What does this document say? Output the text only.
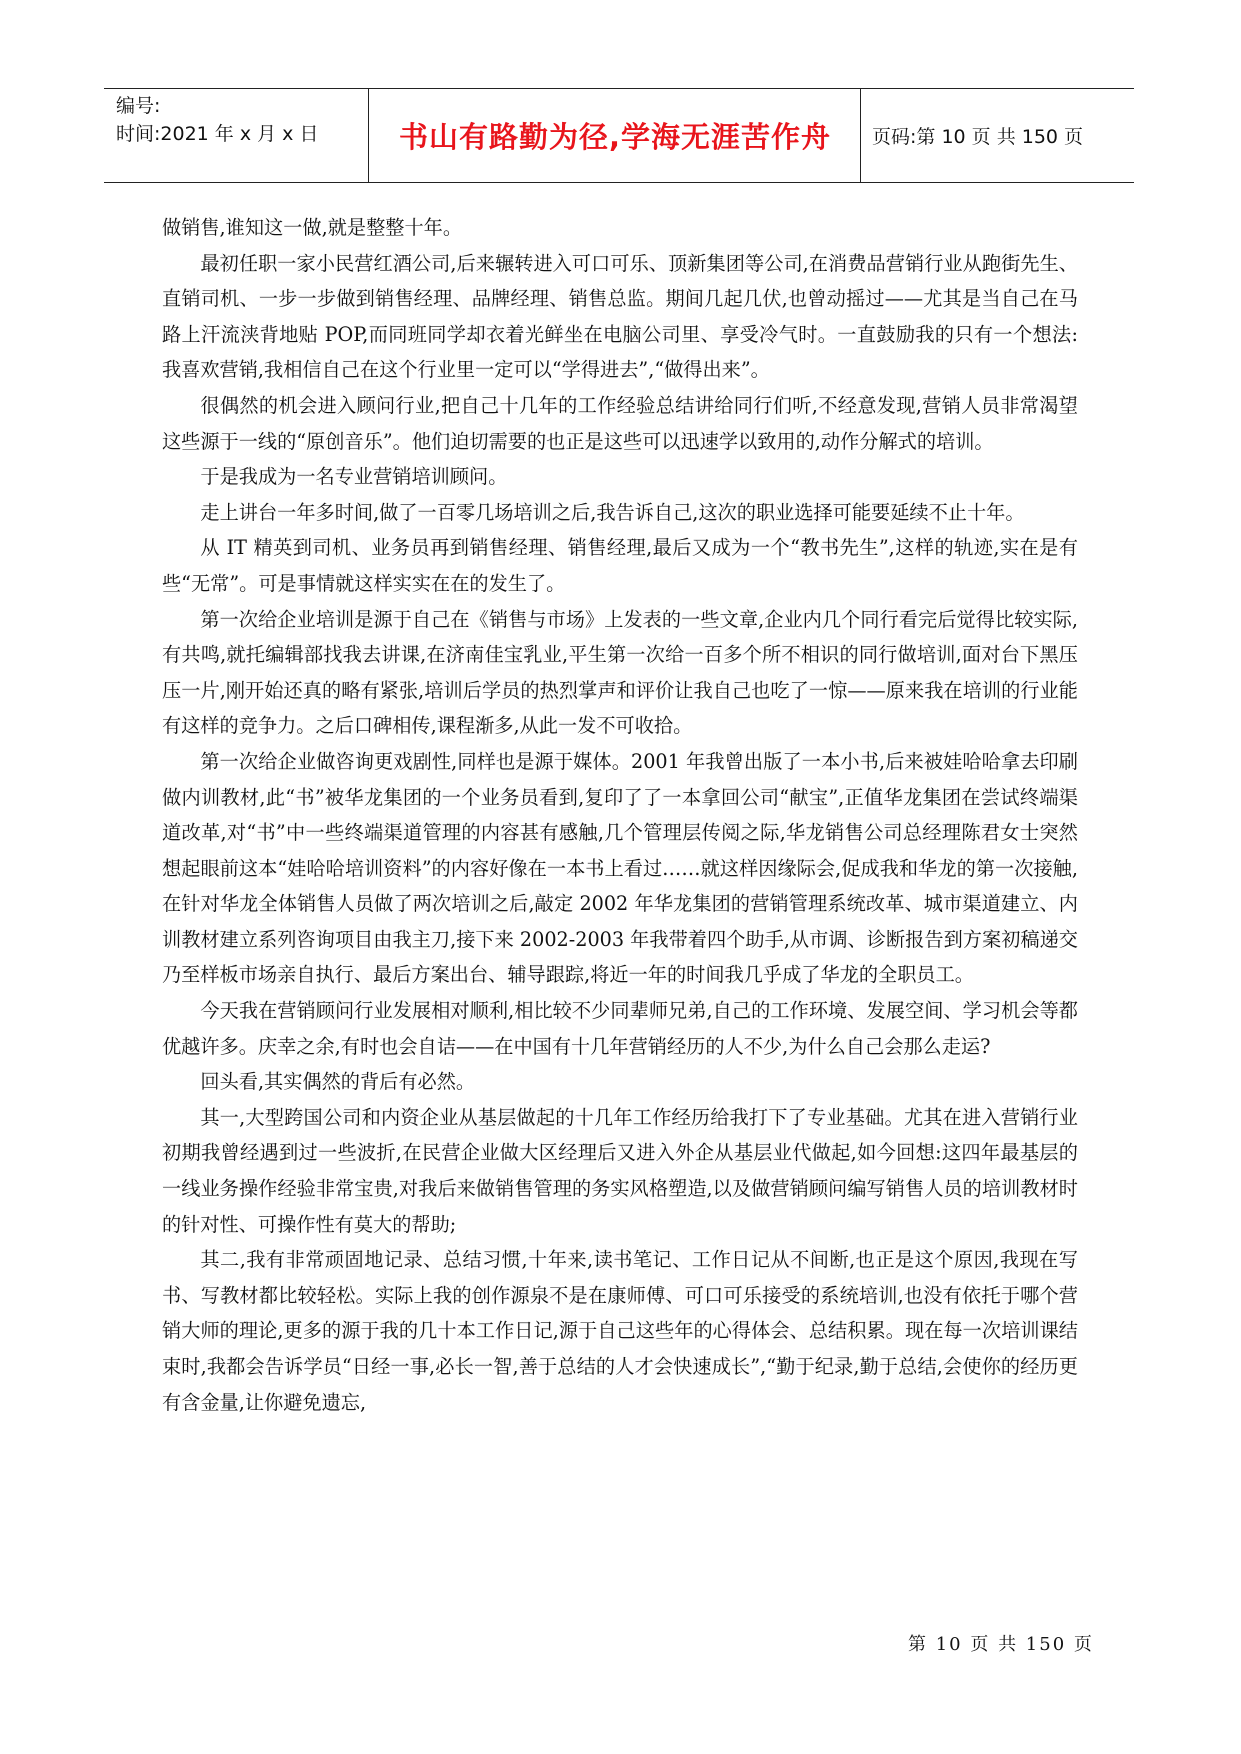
编号:
时间:2021 年 x 月 x 日	书山有路勤为径,学海无涯苦作舟	页码:第 10 页 共 150 页

做销售,谁知这一做,就是整整十年。

最初任职一家小民营红酒公司,后来辗转进入可口可乐、顶新集团等公司,在消费品营销行业从跑街先生、直销司机、一步一步做到销售经理、品牌经理、销售总监。期间几起几伏,也曾动摇过——尤其是当自己在马路上汗流浃背地贴 POP,而同班同学却衣着光鲜坐在电脑公司里、享受冷气时。一直鼓励我的只有一个想法:我喜欢营销,我相信自己在这个行业里一定可以“学得进去”,“做得出来”。

很偶然的机会进入顾问行业,把自己十几年的工作经验总结讲给同行们听,不经意发现,营销人员非常渴望这些源于一线的“原创音乐”。他们迫切需要的也正是这些可以迅速学以致用的,动作分解式的培训。

于是我成为一名专业营销培训顾问。

走上讲台一年多时间,做了一百零几场培训之后,我告诉自己,这次的职业选择可能要延续不止十年。

从 IT 精英到司机、业务员再到销售经理、销售经理,最后又成为一个“教书先生”,这样的轨迹,实在是有些“无常”。可是事情就这样实实在在的发生了。

第一次给企业培训是源于自己在《销售与市场》上发表的一些文章,企业内几个同行看完后觉得比较实际,有共鸣,就托编辑部找我去讲课,在济南佳宝乳业,平生第一次给一百多个所不相识的同行做培训,面对台下黑压压一片,刚开始还真的略有紧张,培训后学员的热烈掌声和评价让我自己也吃了一惊——原来我在培训的行业能有这样的竞争力。之后口碑相传,课程渐多,从此一发不可收拾。

第一次给企业做咨询更戏剧性,同样也是源于媒体。2001 年我曾出版了一本小书,后来被娃哈哈拿去印刷做内训教材,此“书”被华龙集团的一个业务员看到,复印了了一本拿回公司“献宝”,正值华龙集团在尝试终端渠道改革,对“书”中一些终端渠道管理的内容甚有感触,几个管理层传阅之际,华龙销售公司总经理陈君女士突然想起眼前这本“娃哈哈培训资料”的内容好像在一本书上看过……就这样因缘际会,促成我和华龙的第一次接触,在针对华龙全体销售人员做了两次培训之后,敲定 2002 年华龙集团的营销管理系统改革、城市渠道建立、内训教材建立系列咨询项目由我主刀,接下来 2002-2003 年我带着四个助手,从市调、诊断报告到方案初稿递交乃至样板市场亲自执行、最后方案出台、辅导跟踪,将近一年的时间我几乎成了华龙的全职员工。

今天我在营销顾问行业发展相对顺利,相比较不少同辈师兄弟,自己的工作环境、发展空间、学习机会等都优越许多。庆幸之余,有时也会自诘——在中国有十几年营销经历的人不少,为什么自己会那么走运?

回头看,其实偶然的背后有必然。

其一,大型跨国公司和内资企业从基层做起的十几年工作经历给我打下了专业基础。尤其在进入营销行业初期我曾经遇到过一些波折,在民营企业做大区经理后又进入外企从基层业代做起,如今回想:这四年最基层的一线业务操作经验非常宝贵,对我后来做销售管理的务实风格塑造,以及做营销顾问编写销售人员的培训教材时的针对性、可操作性有莫大的帮助;

其二,我有非常顽固地记录、总结习惯,十年来,读书笔记、工作日记从不间断,也正是这个原因,我现在写书、写教材都比较轻松。实际上我的创作源泉不是在康师傅、可口可乐接受的系统培训,也没有依托于哪个营销大师的理论,更多的源于我的几十本工作日记,源于自己这些年的心得体会、总结积累。现在每一次培训课结束时,我都会告诉学员“日经一事,必长一智,善于总结的人才会快速成长”,“勤于纪录,勤于总结,会使你的经历更有含金量,让你避免遗忘,

第 10 页 共 150 页
